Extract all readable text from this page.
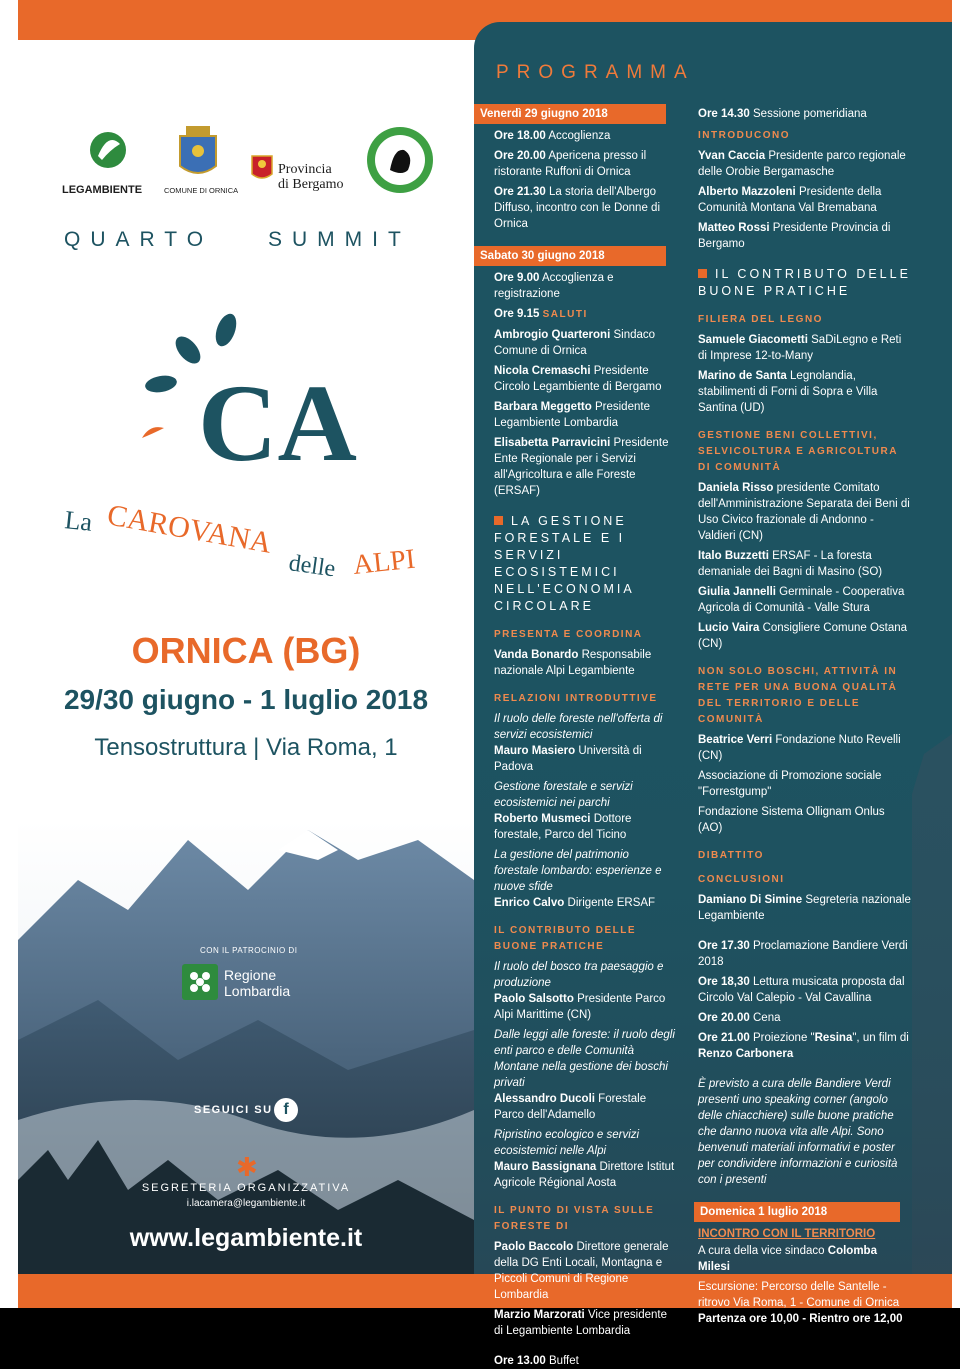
LEGAMBIENTE	COMUNE DI ORNICA
Provincia
di Bergamo
QUARTO	SUMMIT
CA
La CAROVANA
delle ALPI
ORNICA (BG)
29/30 giugno - 1 luglio 2018
Tensostruttura | Via Roma, 1
CON IL PATROCINIO DI
Regione
Lombardia
SEGUICI SU f
✱
SEGRETERIA ORGANIZZATIVA
i.lacamera@legambiente.it
www.legambiente.it
PROGRAMMA
Venerdì 29 giugno 2018
Ore 18.00 Accoglienza
Ore 20.00 Apericena presso il ristorante Ruffoni di Ornica
Ore 21.30 La storia dell'Albergo Diffuso, incontro con le Donne di Ornica
Sabato 30 giugno 2018
Ore 9.00 Accoglienza e registrazione
Ore 9.15 SALUTI
Ambrogio Quarteroni Sindaco Comune di Ornica
Nicola Cremaschi Presidente Circolo Legambiente di Bergamo
Barbara Meggetto Presidente Legambiente Lombardia
Elisabetta Parravicini Presidente Ente Regionale per i Servizi all'Agricoltura e alle Foreste (ERSAF)
LA GESTIONE FORESTALE E I SERVIZI ECOSISTEMICI NELL'ECONOMIA CIRCOLARE
PRESENTA E COORDINA
Vanda Bonardo Responsabile nazionale Alpi Legambiente
RELAZIONI INTRODUTTIVE
Il ruolo delle foreste nell'offerta di servizi ecosistemici
Mauro Masiero Università di Padova
Gestione forestale e servizi ecosistemici nei parchi
Roberto Musmeci Dottore forestale, Parco del Ticino
La gestione del patrimonio forestale lombardo: esperienze e nuove sfide
Enrico Calvo Dirigente ERSAF
IL CONTRIBUTO DELLE BUONE PRATICHE
Il ruolo del bosco tra paesaggio e produzione
Paolo Salsotto Presidente Parco Alpi Marittime (CN)
Dalle leggi alle foreste: il ruolo degli enti parco e delle Comunità Montane nella gestione dei boschi privati
Alessandro Ducoli Forestale Parco dell'Adamello
Ripristino ecologico e servizi ecosistemici nelle Alpi
Mauro Bassignana Direttore Istitut Agricole Régional Aosta
IL PUNTO DI VISTA SULLE FORESTE DI
Paolo Baccolo Direttore generale della DG Enti Locali, Montagna e Piccoli Comuni di Regione Lombardia
Marzio Marzorati Vice presidente di Legambiente Lombardia
Ore 13.00 Buffet
Ore 14.30 Sessione pomeridiana
INTRODUCONO
Yvan Caccia Presidente parco regionale delle Orobie Bergamasche
Alberto Mazzoleni Presidente della Comunità Montana Val Bremabana
Matteo Rossi Presidente Provincia di Bergamo
IL CONTRIBUTO DELLE BUONE PRATICHE
FILIERA DEL LEGNO
Samuele Giacometti SaDiLegno e Reti di Imprese 12-to-Many
Marino de Santa Legnolandia, stabilimenti di Forni di Sopra e Villa Santina (UD)
GESTIONE BENI COLLETTIVI, SELVICOLTURA E AGRICOLTURA DI COMUNITÀ
Daniela Risso presidente Comitato dell'Amministrazione Separata dei Beni di Uso Civico frazionale di Andonno - Valdieri (CN)
Italo Buzzetti ERSAF - La foresta demaniale dei Bagni di Masino (SO)
Giulia Jannelli Germinale - Cooperativa Agricola di Comunità - Valle Stura
Lucio Vaira Consigliere Comune Ostana (CN)
NON SOLO BOSCHI, ATTIVITÀ IN RETE PER UNA BUONA QUALITÀ DEL TERRITORIO E DELLE COMUNITÀ
Beatrice Verri Fondazione Nuto Revelli (CN)
Associazione di Promozione sociale "Forrestgump"
Fondazione Sistema Ollignam Onlus (AO)
DIBATTITO
CONCLUSIONI
Damiano Di Simine Segreteria nazionale Legambiente
Ore 17.30 Proclamazione Bandiere Verdi 2018
Ore 18,30 Lettura musicata proposta dal Circolo Val Calepio - Val Cavallina
Ore 20.00 Cena
Ore 21.00 Proiezione "Resina", un film di Renzo Carbonera
È previsto a cura delle Bandiere Verdi presenti uno speaking corner (angolo delle chiacchiere) sulle buone pratiche che danno nuova vita alle Alpi. Sono benvenuti materiali informativi e poster per condividere informazioni e curiosità con i presenti
Domenica 1 luglio 2018
INCONTRO CON IL TERRITORIO
A cura della vice sindaco Colomba Milesi
Escursione: Percorso delle Santelle - ritrovo Via Roma, 1 - Comune di Ornica
Partenza ore 10,00 - Rientro ore 12,00
